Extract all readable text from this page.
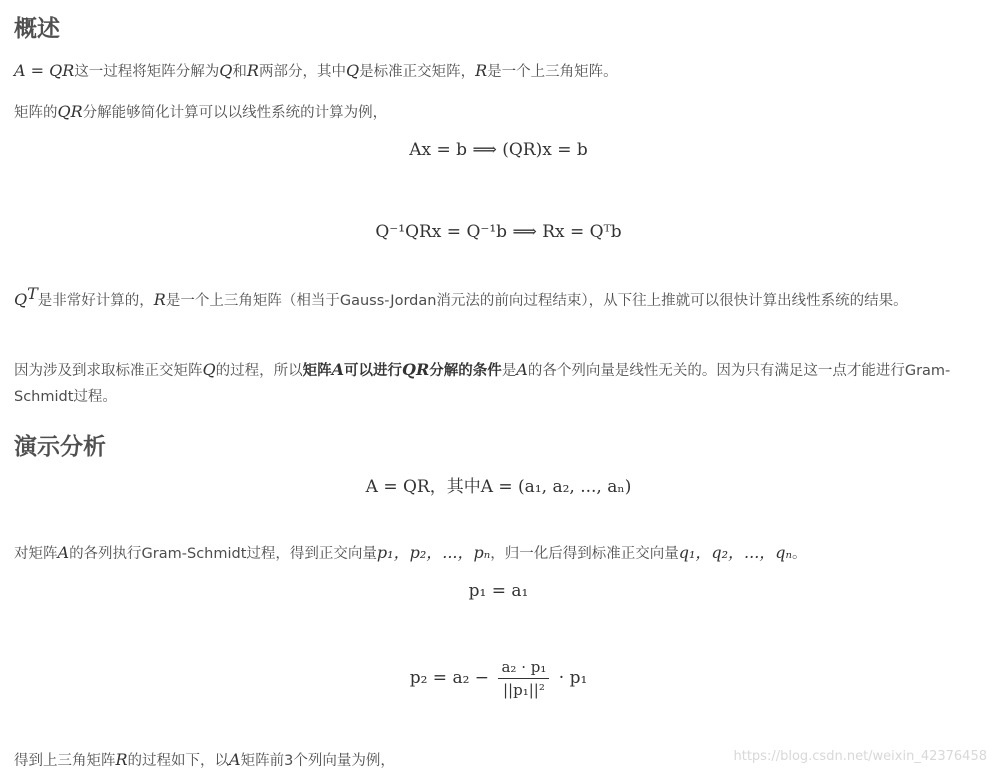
概述

A = QR这一过程将矩阵分解为Q和R两部分，其中Q是标准正交矩阵，R是一个上三角矩阵。

矩阵的QR分解能够简化计算可以以线性系统的计算为例，

Ax = b ⟹ (QR)x = b

Q⁻¹QRx = Q⁻¹b ⟹ Rx = Qᵀb

$Q^T$是非常好计算的，R是一个上三角矩阵（相当于Gauss-Jordan消元法的前向过程结束），从下往上推就可以很快计算出线性系统的结果。

因为涉及到求取标准正交矩阵Q的过程，所以矩阵A可以进行QR分解的条件是A的各个列向量是线性无关的。因为只有满足这一点才能进行Gram-Schmidt过程。

演示分析

A = QR，其中A = (a₁, a₂, ..., aₙ)

对矩阵A的各列执行Gram-Schmidt过程，得到正交向量p₁，p₂，...，pₙ，归一化后得到标准正交向量q₁，q₂，...，qₙ。

p₁ = a₁

$p_2 = a_2 - \frac{\text{a₂ · p₁}}{\text{||p₁||²}} \cdot p_1$

得到上三角矩阵R的过程如下，以A矩阵前3个列向量为例，	https://blog.csdn.net/weixin_42376458
